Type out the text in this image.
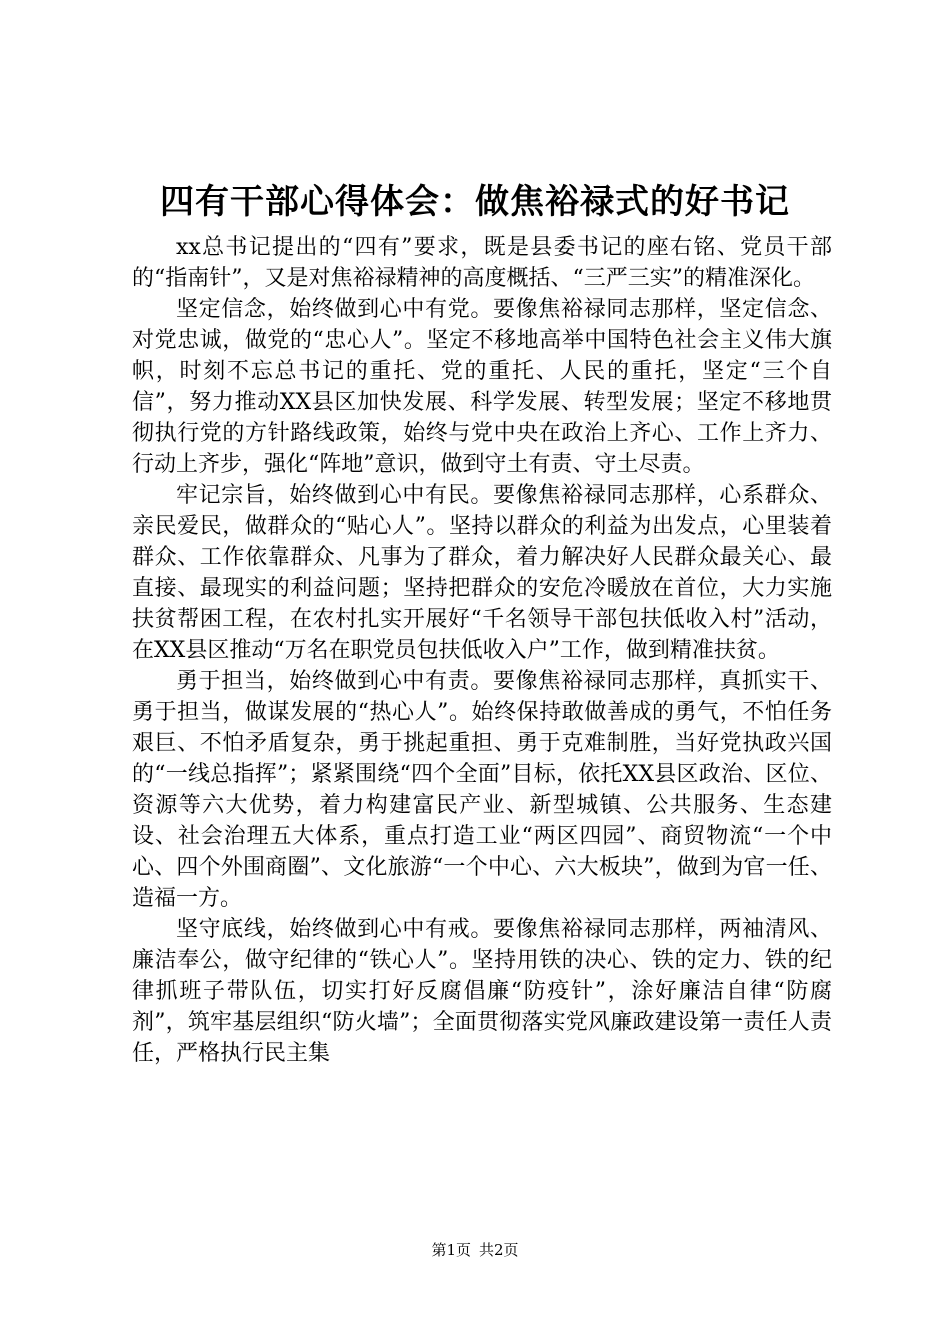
四有干部心得体会：做焦裕禄式的好书记

xx总书记提出的“四有”要求，既是县委书记的座右铭、党员干部的“指南针”，又是对焦裕禄精神的高度概括、“三严三实”的精准深化。

坚定信念，始终做到心中有党。要像焦裕禄同志那样，坚定信念、对党忠诚，做党的“忠心人”。坚定不移地高举中国特色社会主义伟大旗帜，时刻不忘总书记的重托、党的重托、人民的重托，坚定“三个自信”，努力推动XX县区加快发展、科学发展、转型发展；坚定不移地贯彻执行党的方针路线政策，始终与党中央在政治上齐心、工作上齐力、行动上齐步，强化“阵地”意识，做到守土有责、守土尽责。

牢记宗旨，始终做到心中有民。要像焦裕禄同志那样，心系群众、亲民爱民，做群众的“贴心人”。坚持以群众的利益为出发点，心里装着群众、工作依靠群众、凡事为了群众，着力解决好人民群众最关心、最直接、最现实的利益问题；坚持把群众的安危冷暖放在首位，大力实施扶贫帮困工程，在农村扎实开展好“千名领导干部包扶低收入村”活动，在XX县区推动“万名在职党员包扶低收入户”工作，做到精准扶贫。

勇于担当，始终做到心中有责。要像焦裕禄同志那样，真抓实干、勇于担当，做谋发展的“热心人”。始终保持敢做善成的勇气，不怕任务艰巨、不怕矛盾复杂，勇于挑起重担、勇于克难制胜，当好党执政兴国的“一线总指挥”；紧紧围绕“四个全面”目标，依托XX县区政治、区位、资源等六大优势，着力构建富民产业、新型城镇、公共服务、生态建设、社会治理五大体系，重点打造工业“两区四园”、商贸物流“一个中心、四个外围商圈”、文化旅游“一个中心、六大板块”，做到为官一任、造福一方。

坚守底线，始终做到心中有戒。要像焦裕禄同志那样，两袖清风、廉洁奉公，做守纪律的“铁心人”。坚持用铁的决心、铁的定力、铁的纪律抓班子带队伍，切实打好反腐倡廉“防疫针”，涂好廉洁自律“防腐剂”，筑牢基层组织“防火墙”；全面贯彻落实党风廉政建设第一责任人责任，严格执行民主集

第1页 共2页
